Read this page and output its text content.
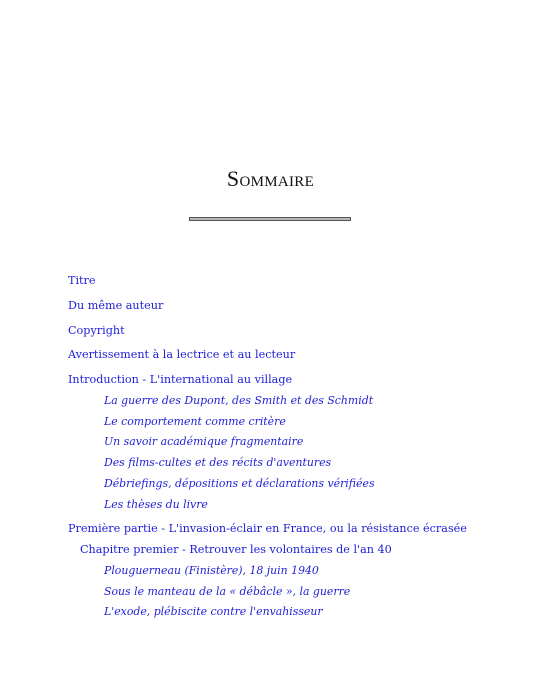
Sommaire
Titre
Du même auteur
Copyright
Avertissement à la lectrice et au lecteur
Introduction - L'international au village
La guerre des Dupont, des Smith et des Schmidt
Le comportement comme critère
Un savoir académique fragmentaire
Des films-cultes et des récits d'aventures
Débriefings, dépositions et déclarations vérifiées
Les thèses du livre
Première partie - L'invasion-éclair en France, ou la résistance écrasée
Chapitre premier - Retrouver les volontaires de l'an 40
Plouguerneau (Finistère), 18 juin 1940
Sous le manteau de la « débâcle », la guerre
L'exode, plébiscite contre l'envahisseur
